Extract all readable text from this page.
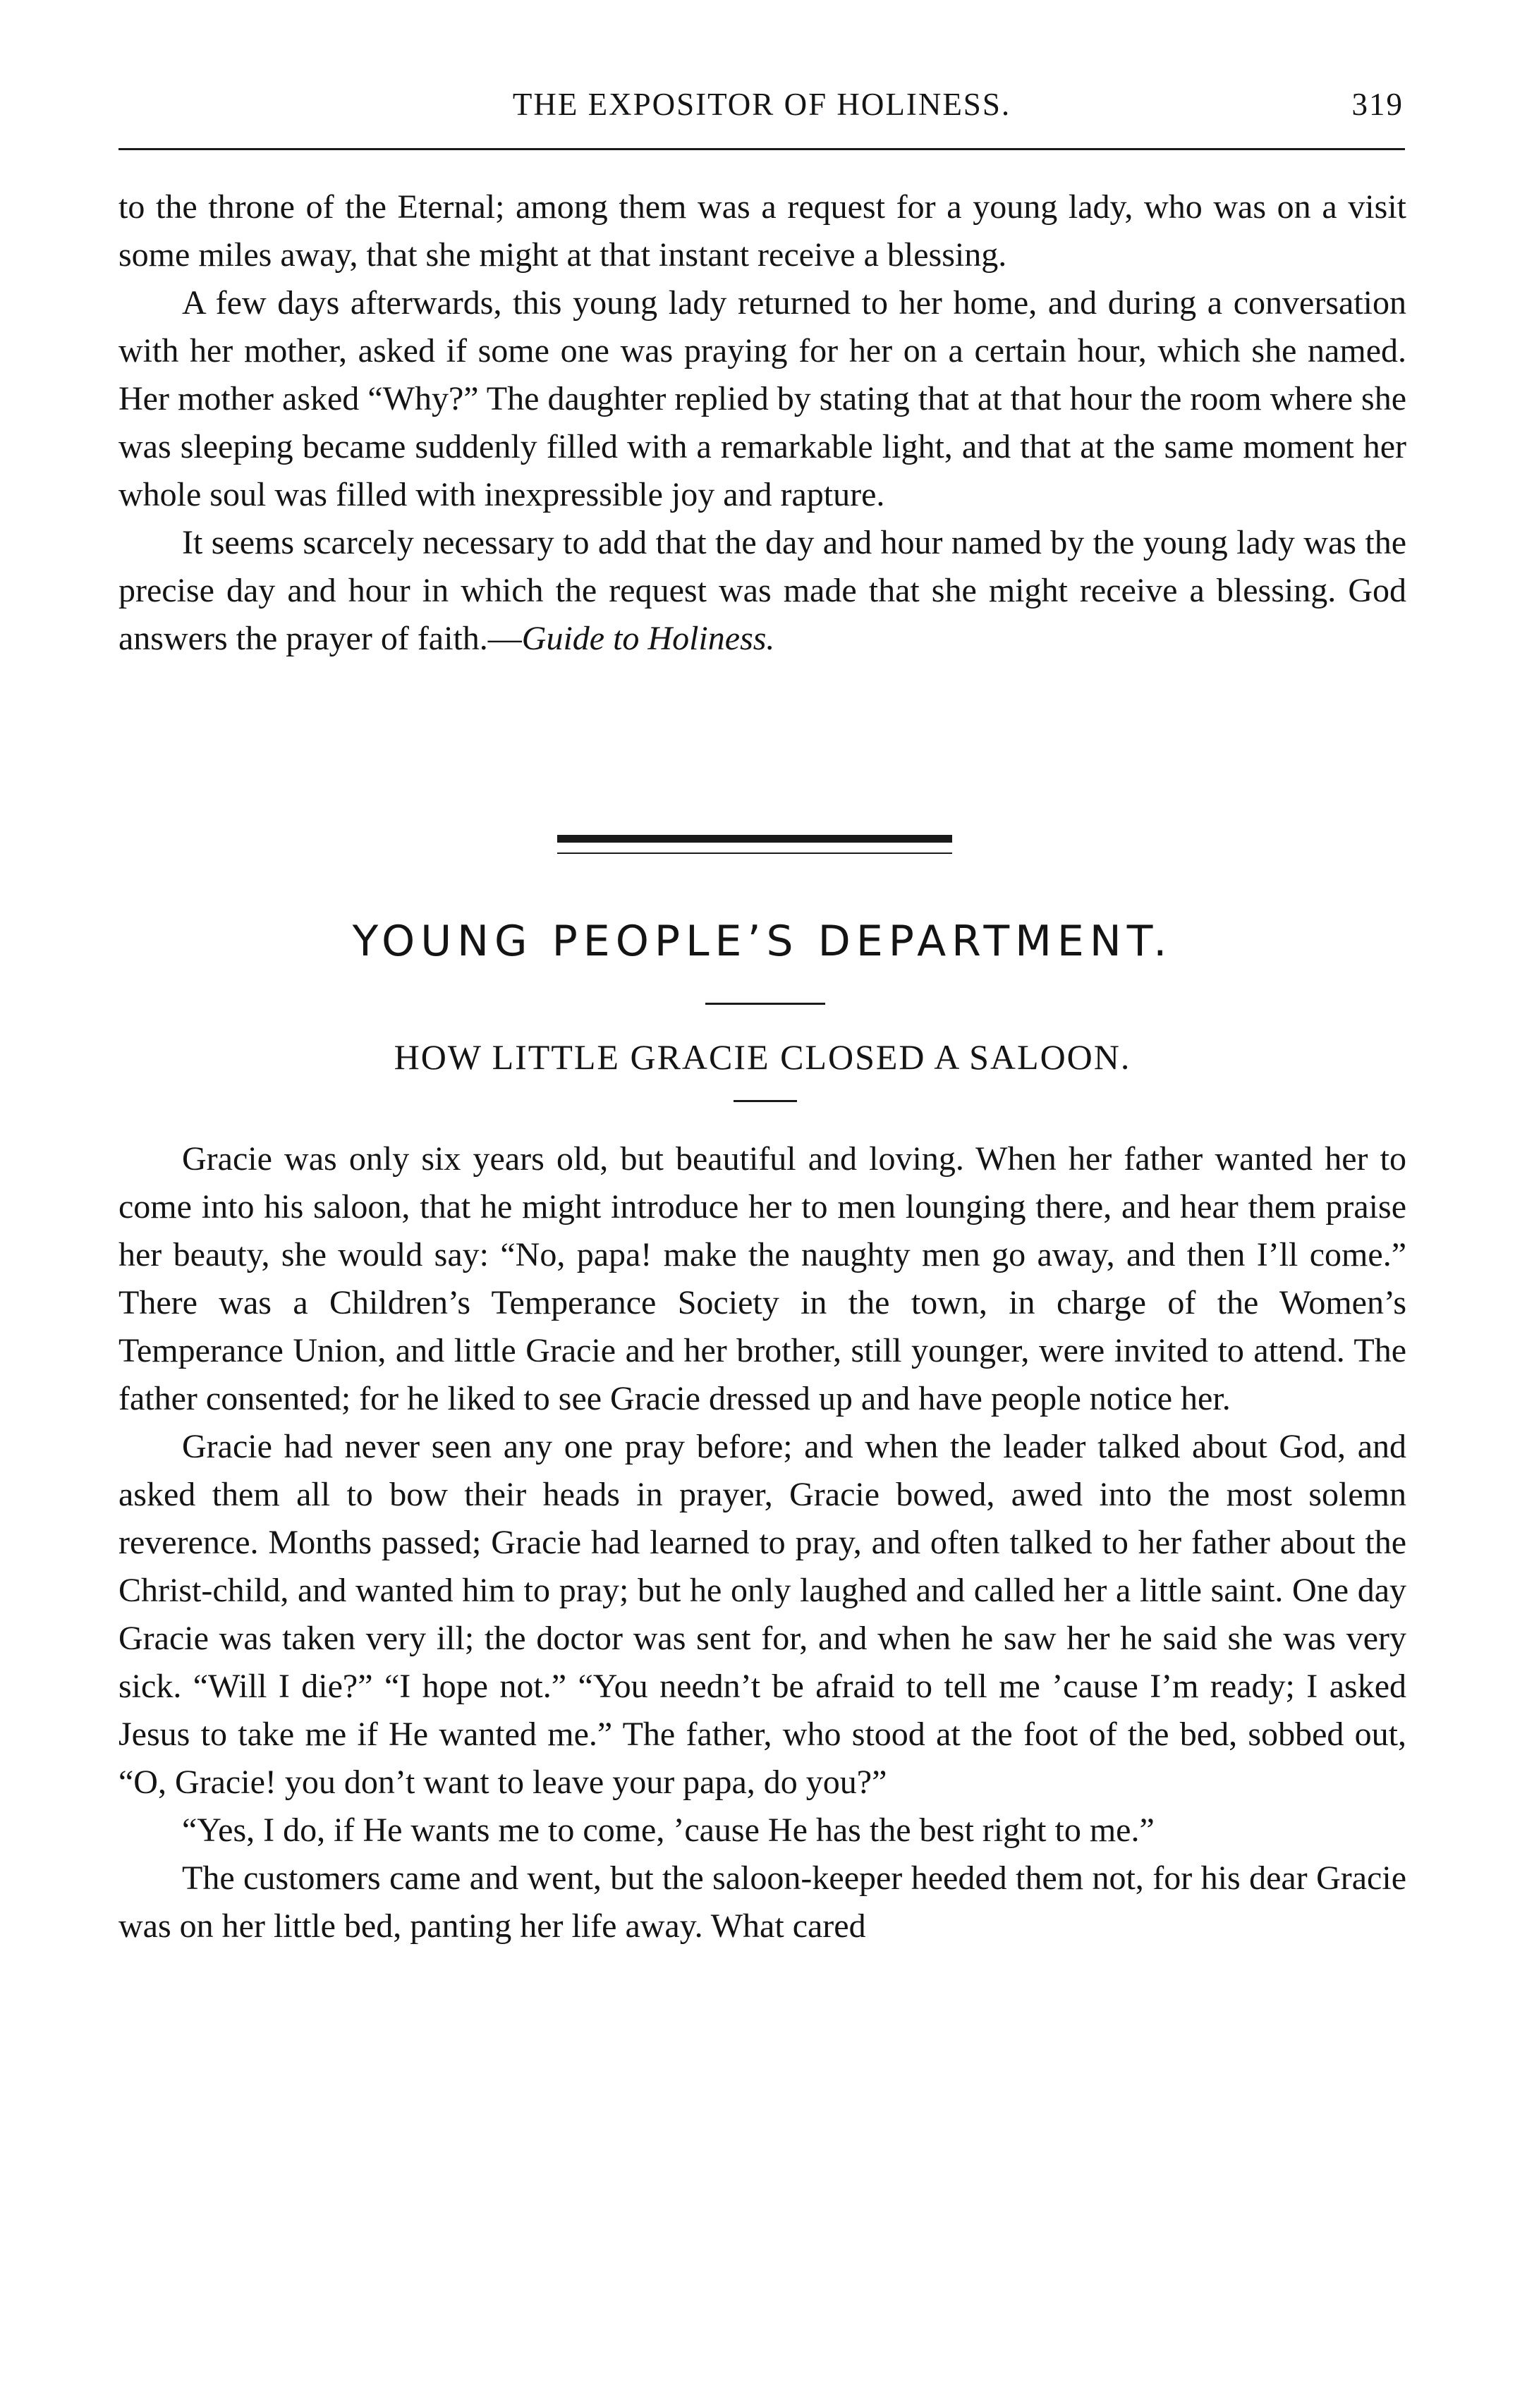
THE EXPOSITOR OF HOLINESS.	319

to the throne of the Eternal; among them was a request for a young lady, who was on a visit some miles away, that she might at that instant receive a blessing.

A few days afterwards, this young lady returned to her home, and during a conversation with her mother, asked if some one was praying for her on a certain hour, which she named. Her mother asked “Why?” The daughter replied by stating that at that hour the room where she was sleeping became suddenly filled with a remarkable light, and that at the same moment her whole soul was filled with inexpressible joy and rapture.

It seems scarcely necessary to add that the day and hour named by the young lady was the precise day and hour in which the request was made that she might receive a blessing. God answers the prayer of faith.—Guide to Holiness.

YOUNG PEOPLE’S DEPARTMENT.
HOW LITTLE GRACIE CLOSED A SALOON.

Gracie was only six years old, but beautiful and loving. When her father wanted her to come into his saloon, that he might introduce her to men lounging there, and hear them praise her beauty, she would say: “No, papa! make the naughty men go away, and then I’ll come.” There was a Children’s Temperance Society in the town, in charge of the Women’s Temperance Union, and little Gracie and her brother, still younger, were invited to attend. The father consented; for he liked to see Gracie dressed up and have people notice her.

Gracie had never seen any one pray before; and when the leader talked about God, and asked them all to bow their heads in prayer, Gracie bowed, awed into the most solemn reverence. Months passed; Gracie had learned to pray, and often talked to her father about the Christ-child, and wanted him to pray; but he only laughed and called her a little saint. One day Gracie was taken very ill; the doctor was sent for, and when he saw her he said she was very sick. “Will I die?” “I hope not.” “You needn’t be afraid to tell me ’cause I’m ready; I asked Jesus to take me if He wanted me.” The father, who stood at the foot of the bed, sobbed out, “O, Gracie! you don’t want to leave your papa, do you?”

“Yes, I do, if He wants me to come, ’cause He has the best right to me.”

The customers came and went, but the saloon-keeper heeded them not, for his dear Gracie was on her little bed, panting her life away. What cared
